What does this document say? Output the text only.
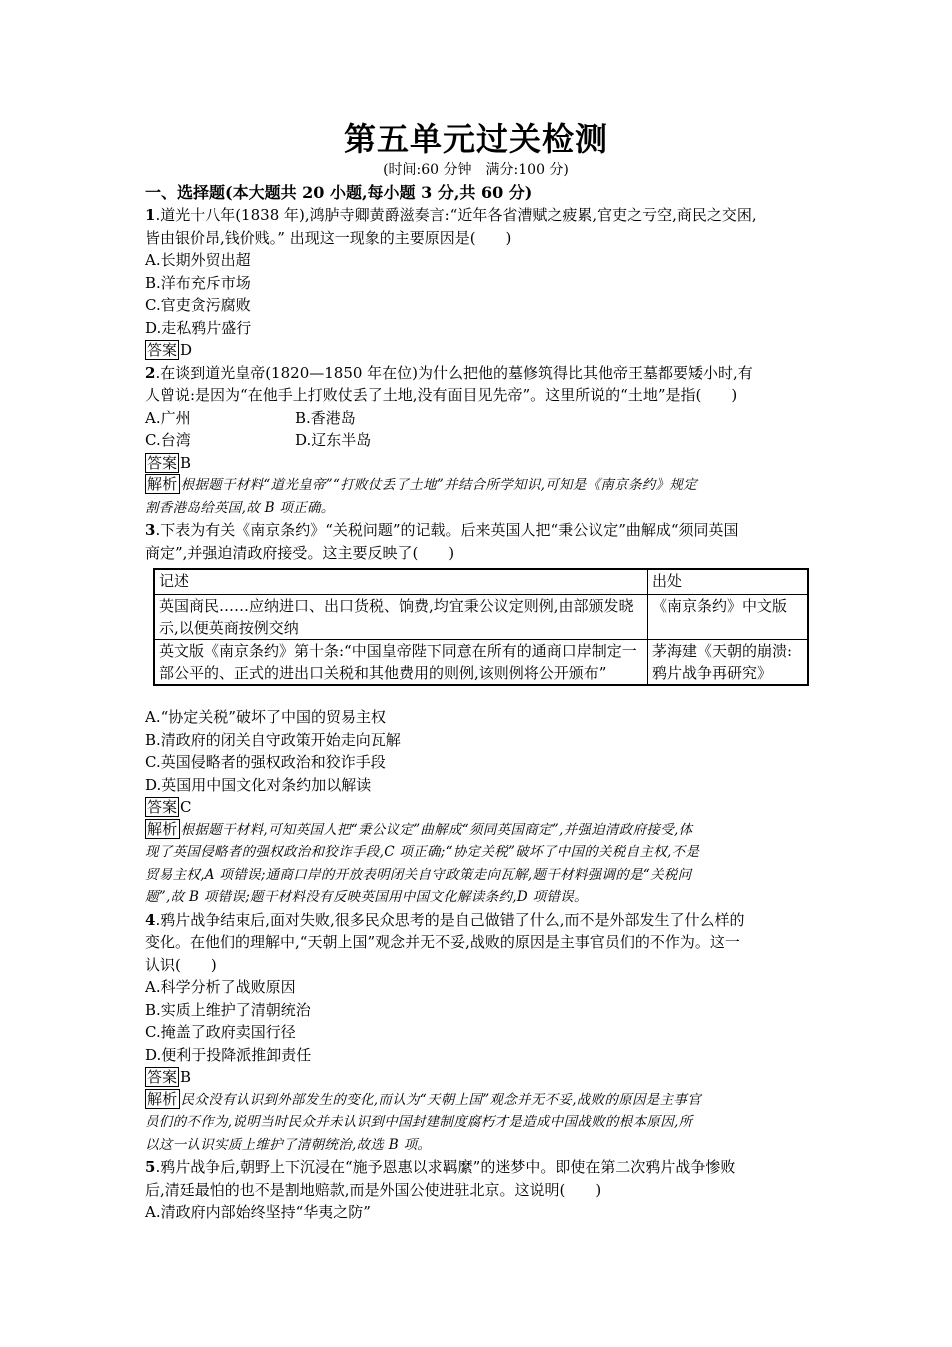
第五单元过关检测
(时间:60 分钟　满分:100 分)
一、选择题(本大题共 20 小题,每小题 3 分,共 60 分)
1.道光十八年(1838 年),鸿胪寺卿黄爵滋奏言:“近年各省漕赋之疲累,官吏之亏空,商民之交困,
皆由银价昂,钱价贱。” 出现这一现象的主要原因是(　　)
A.长期外贸出超
B.洋布充斥市场
C.官吏贪污腐败
D.走私鸦片盛行
答案 D
2.在谈到道光皇帝(1820—1850 年在位)为什么把他的墓修筑得比其他帝王墓都要矮小时,有
人曾说:是因为“在他手上打败仗丢了土地,没有面目见先帝”。这里所说的“土地”是指(　　)
A.广州	B.香港岛
C.台湾	D.辽东半岛
答案 B
解析 根据题干材料“道光皇帝”“打败仗丢了土地”并结合所学知识,可知是《南京条约》规定
割香港岛给英国,故 B 项正确。
3.下表为有关《南京条约》“关税问题”的记载。后来英国人把“秉公议定”曲解成“须同英国
商定”,并强迫清政府接受。这主要反映了(　　)
记述	出处
英国商民……应纳进口、出口货税、饷费,均宜秉公议定则例,由部颁发晓示,以便英商按例交纳	《南京条约》中文版
英文版《南京条约》第十条:“中国皇帝陛下同意在所有的通商口岸制定一部公平的、正式的进出口关税和其他费用的则例,该则例将公开颁布”	茅海建《天朝的崩溃:鸦片战争再研究》
A.“协定关税”破坏了中国的贸易主权
B.清政府的闭关自守政策开始走向瓦解
C.英国侵略者的强权政治和狡诈手段
D.英国用中国文化对条约加以解读
答案 C
解析 根据题干材料,可知英国人把“秉公议定”曲解成“须同英国商定”,并强迫清政府接受,体
现了英国侵略者的强权政治和狡诈手段,C 项正确;“协定关税”破坏了中国的关税自主权,不是
贸易主权,A 项错误;通商口岸的开放表明闭关自守政策走向瓦解,题干材料强调的是“关税问
题”,故 B 项错误;题干材料没有反映英国用中国文化解读条约,D 项错误。
4.鸦片战争结束后,面对失败,很多民众思考的是自己做错了什么,而不是外部发生了什么样的
变化。在他们的理解中,“天朝上国”观念并无不妥,战败的原因是主事官员们的不作为。这一
认识(　　)
A.科学分析了战败原因
B.实质上维护了清朝统治
C.掩盖了政府卖国行径
D.便利于投降派推卸责任
答案 B
解析 民众没有认识到外部发生的变化,而认为“天朝上国”观念并无不妥,战败的原因是主事官
员们的不作为,说明当时民众并未认识到中国封建制度腐朽才是造成中国战败的根本原因,所
以这一认识实质上维护了清朝统治,故选 B 项。
5.鸦片战争后,朝野上下沉浸在“施予恩惠以求羁縻”的迷梦中。即使在第二次鸦片战争惨败
后,清廷最怕的也不是割地赔款,而是外国公使进驻北京。这说明(　　)
A.清政府内部始终坚持“华夷之防”
